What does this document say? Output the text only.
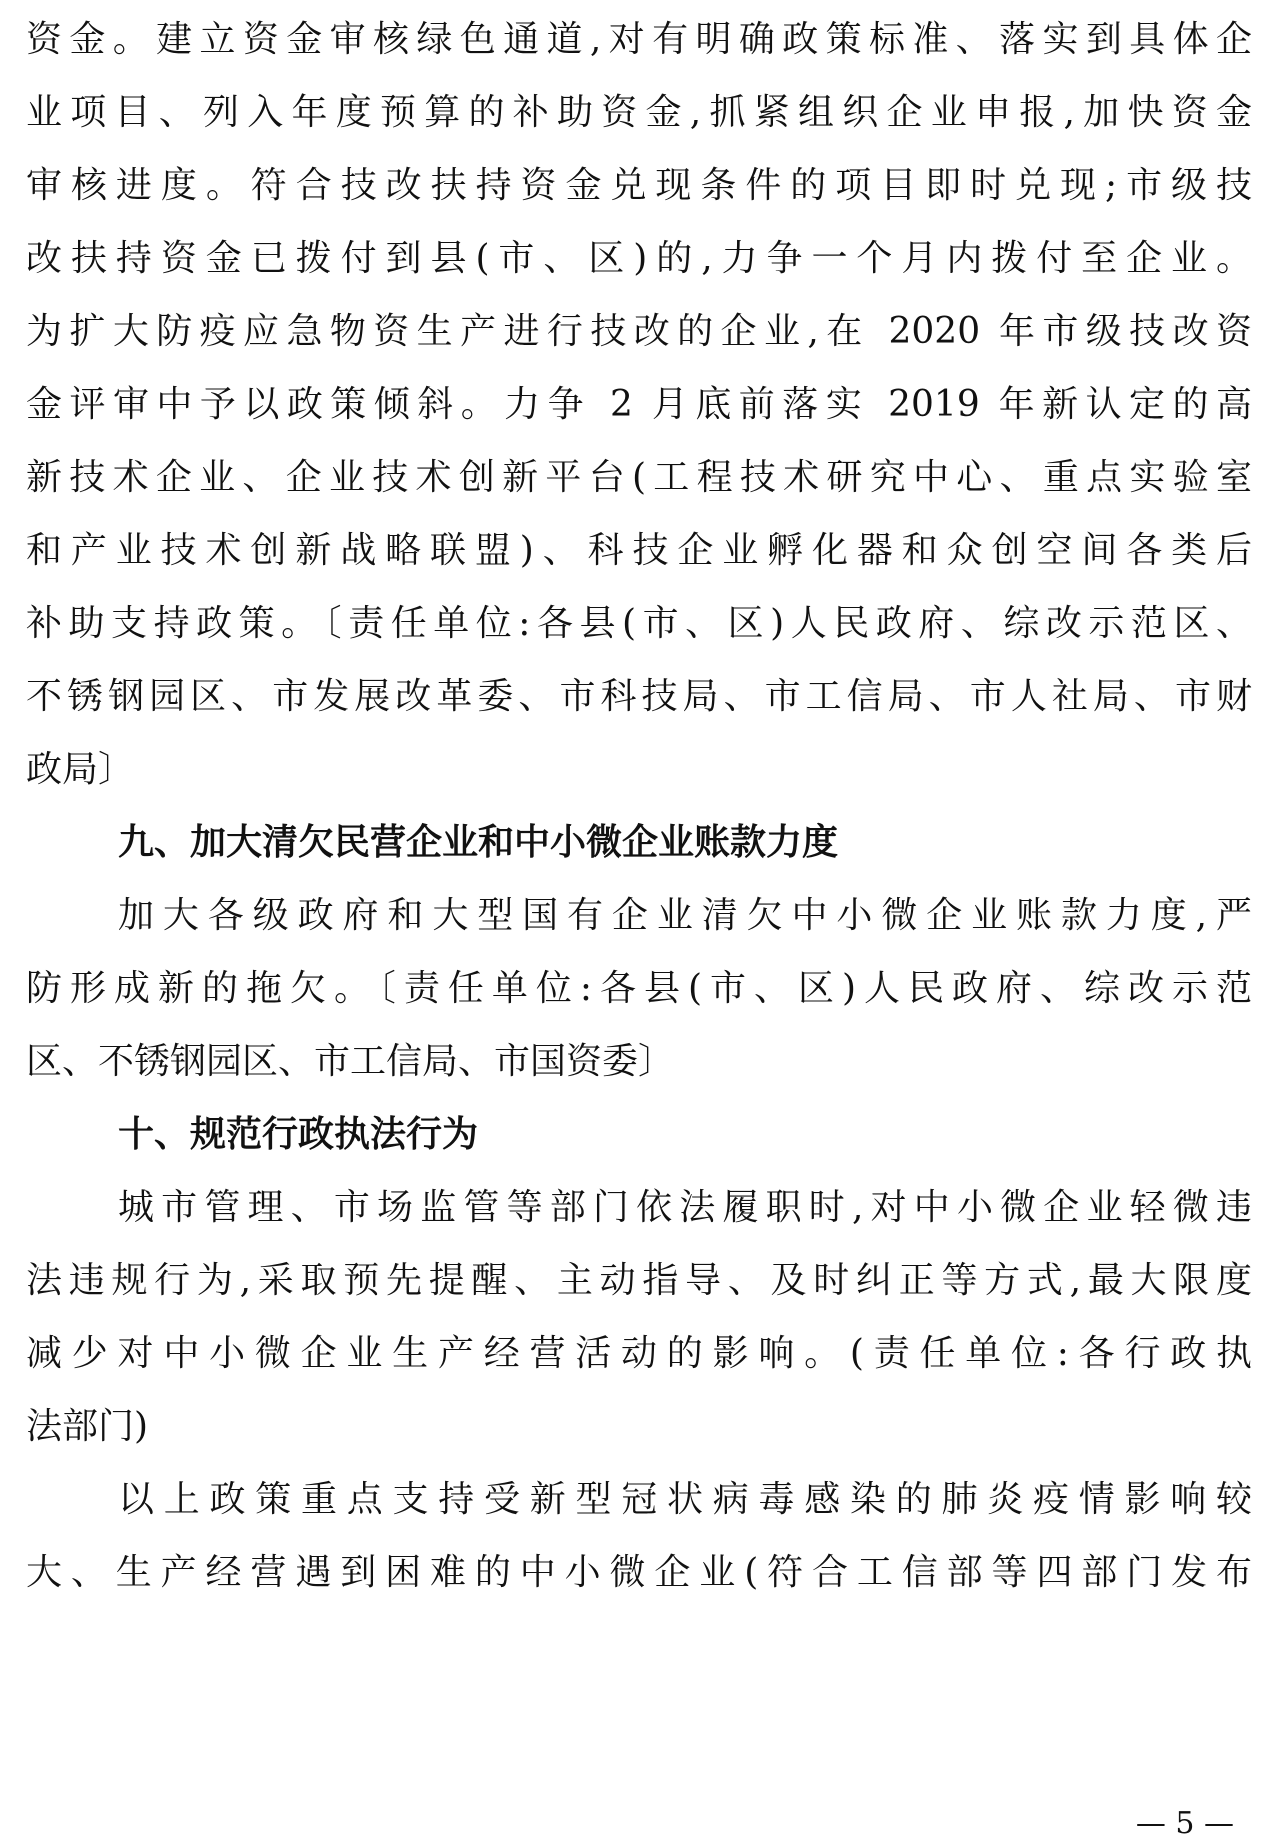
资金。建立资金审核绿色通道,对有明确政策标准、落实到具体企
业项目、列入年度预算的补助资金,抓紧组织企业申报,加快资金
审核进度。符合技改扶持资金兑现条件的项目即时兑现;市级技
改扶持资金已拨付到县(市、区)的,力争一个月内拨付至企业。
为扩大防疫应急物资生产进行技改的企业,在 2020 年市级技改资
金评审中予以政策倾斜。力争 2 月底前落实 2019 年新认定的高
新技术企业、企业技术创新平台(工程技术研究中心、重点实验室
和产业技术创新战略联盟)、科技企业孵化器和众创空间各类后
补助支持政策。〔责任单位:各县(市、区)人民政府、综改示范区、
不锈钢园区、市发展改革委、市科技局、市工信局、市人社局、市财
政局〕
九、加大清欠民营企业和中小微企业账款力度
加大各级政府和大型国有企业清欠中小微企业账款力度,严
防形成新的拖欠。〔责任单位:各县(市、区)人民政府、综改示范
区、不锈钢园区、市工信局、市国资委〕
十、规范行政执法行为
城市管理、市场监管等部门依法履职时,对中小微企业轻微违
法违规行为,采取预先提醒、主动指导、及时纠正等方式,最大限度
减少对中小微企业生产经营活动的影响。(责任单位:各行政执
法部门)
以上政策重点支持受新型冠状病毒感染的肺炎疫情影响较
大、生产经营遇到困难的中小微企业(符合工信部等四部门发布
— 5 —
